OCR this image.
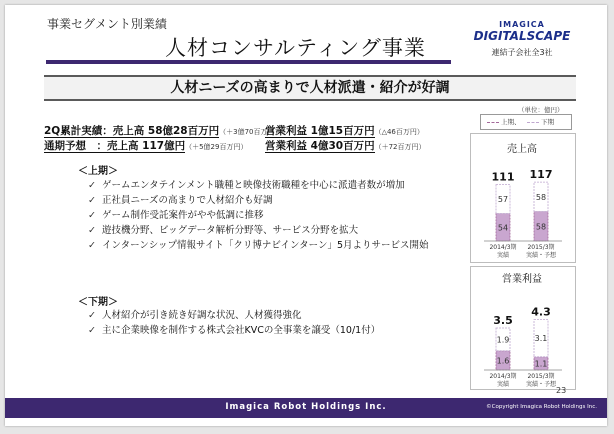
事業セグメント別業績
人材コンサルティング事業
IMAGICA
DIGITALSCAPE
連結子会社全3社
人材ニーズの高まりで人材派遣・紹介が好調
（単位：億円）
上期、	下期
2Q累計実績：売上高 58億28百万円（＋3億70百万円）
営業利益 1億15百万円（△46百万円）
通期予想　：売上高 117億円（＋5億29百万円） 営業利益 4億30百万円（＋72百万円）
＜上期＞
✓ ゲームエンタテインメント職種と映像技術職種を中心に派遣者数が増加
✓ 正社員ニーズの高まりで人材紹介も好調
✓ ゲーム制作受託案件がやや低調に推移
✓ 遊技機分野、ビッグデータ解析分野等、サービス分野を拡大
✓ インターンシップ情報サイト「クリ博ナビインターン」5月よりサービス開始
＜下期＞
✓ 人材紹介が引き続き好調な状況、人材獲得強化
✓ 主に企業映像を制作する株式会社KVCの全事業を譲受（10/1付）
売上高
54
57
111
2014/3期
実績
58
58
117
2015/3期
実績・予想
営業利益
1.6
1.9
3.5
2014/3期
実績
1.1
3.1
4.3
2015/3期
実績・予想
23
Imagica Robot Holdings Inc.	©Copyright Imagica Robot Holdings Inc.
